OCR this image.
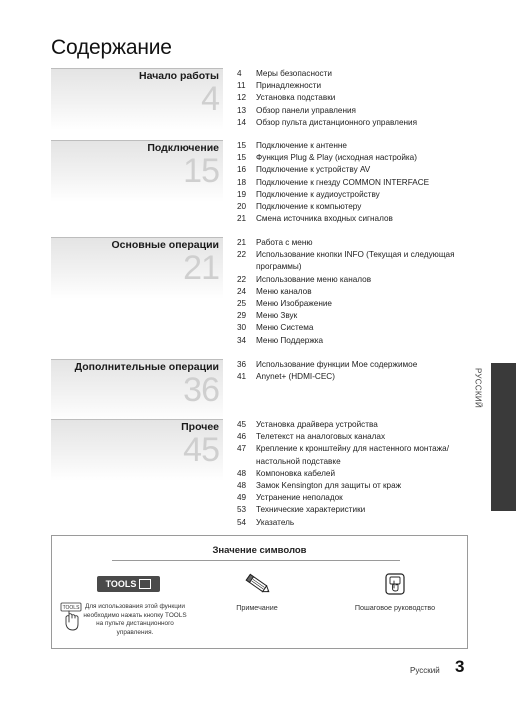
Содержание
Начало работы
4
4 Меры безопасности
11 Принадлежности
12 Установка подставки
13 Обзор панели управления
14 Обзор пульта дистанционного управления
Подключение
15
15 Подключение к антенне
15 Функция Plug & Play (исходная настройка)
16 Подключение к устройству AV
18 Подключение к гнезду COMMON INTERFACE
19 Подключение к аудиоустройству
20 Подключение к компьютеру
21 Смена источника входных сигналов
Основные операции
21
21 Работа с меню
22 Использование кнопки INFO (Текущая и следующая программы)
22 Использование меню каналов
24 Меню каналов
25 Меню Изображение
29 Меню Звук
30 Меню Система
34 Меню Поддержка
Дополнительные операции
36
36 Использование функции Мое содержимое
41 Anynet+ (HDMI-CEC)
Прочее
45
45 Установка драйвера устройства
46 Телетекст на аналоговых каналах
47 Крепление к кронштейну для настенного монтажа/ настольной подставке
48 Компоновка кабелей
48 Замок Kensington для защиты от краж
49 Устранение неполадок
53 Технические характеристики
54 Указатель
РУССКИЙ
Значение символов
TOOLS
TOOLS Для использования этой функции необходимо нажать кнопку TOOLS на пульте дистанционного управления.
Примечание	Пошаговое руководство
Русский 3
